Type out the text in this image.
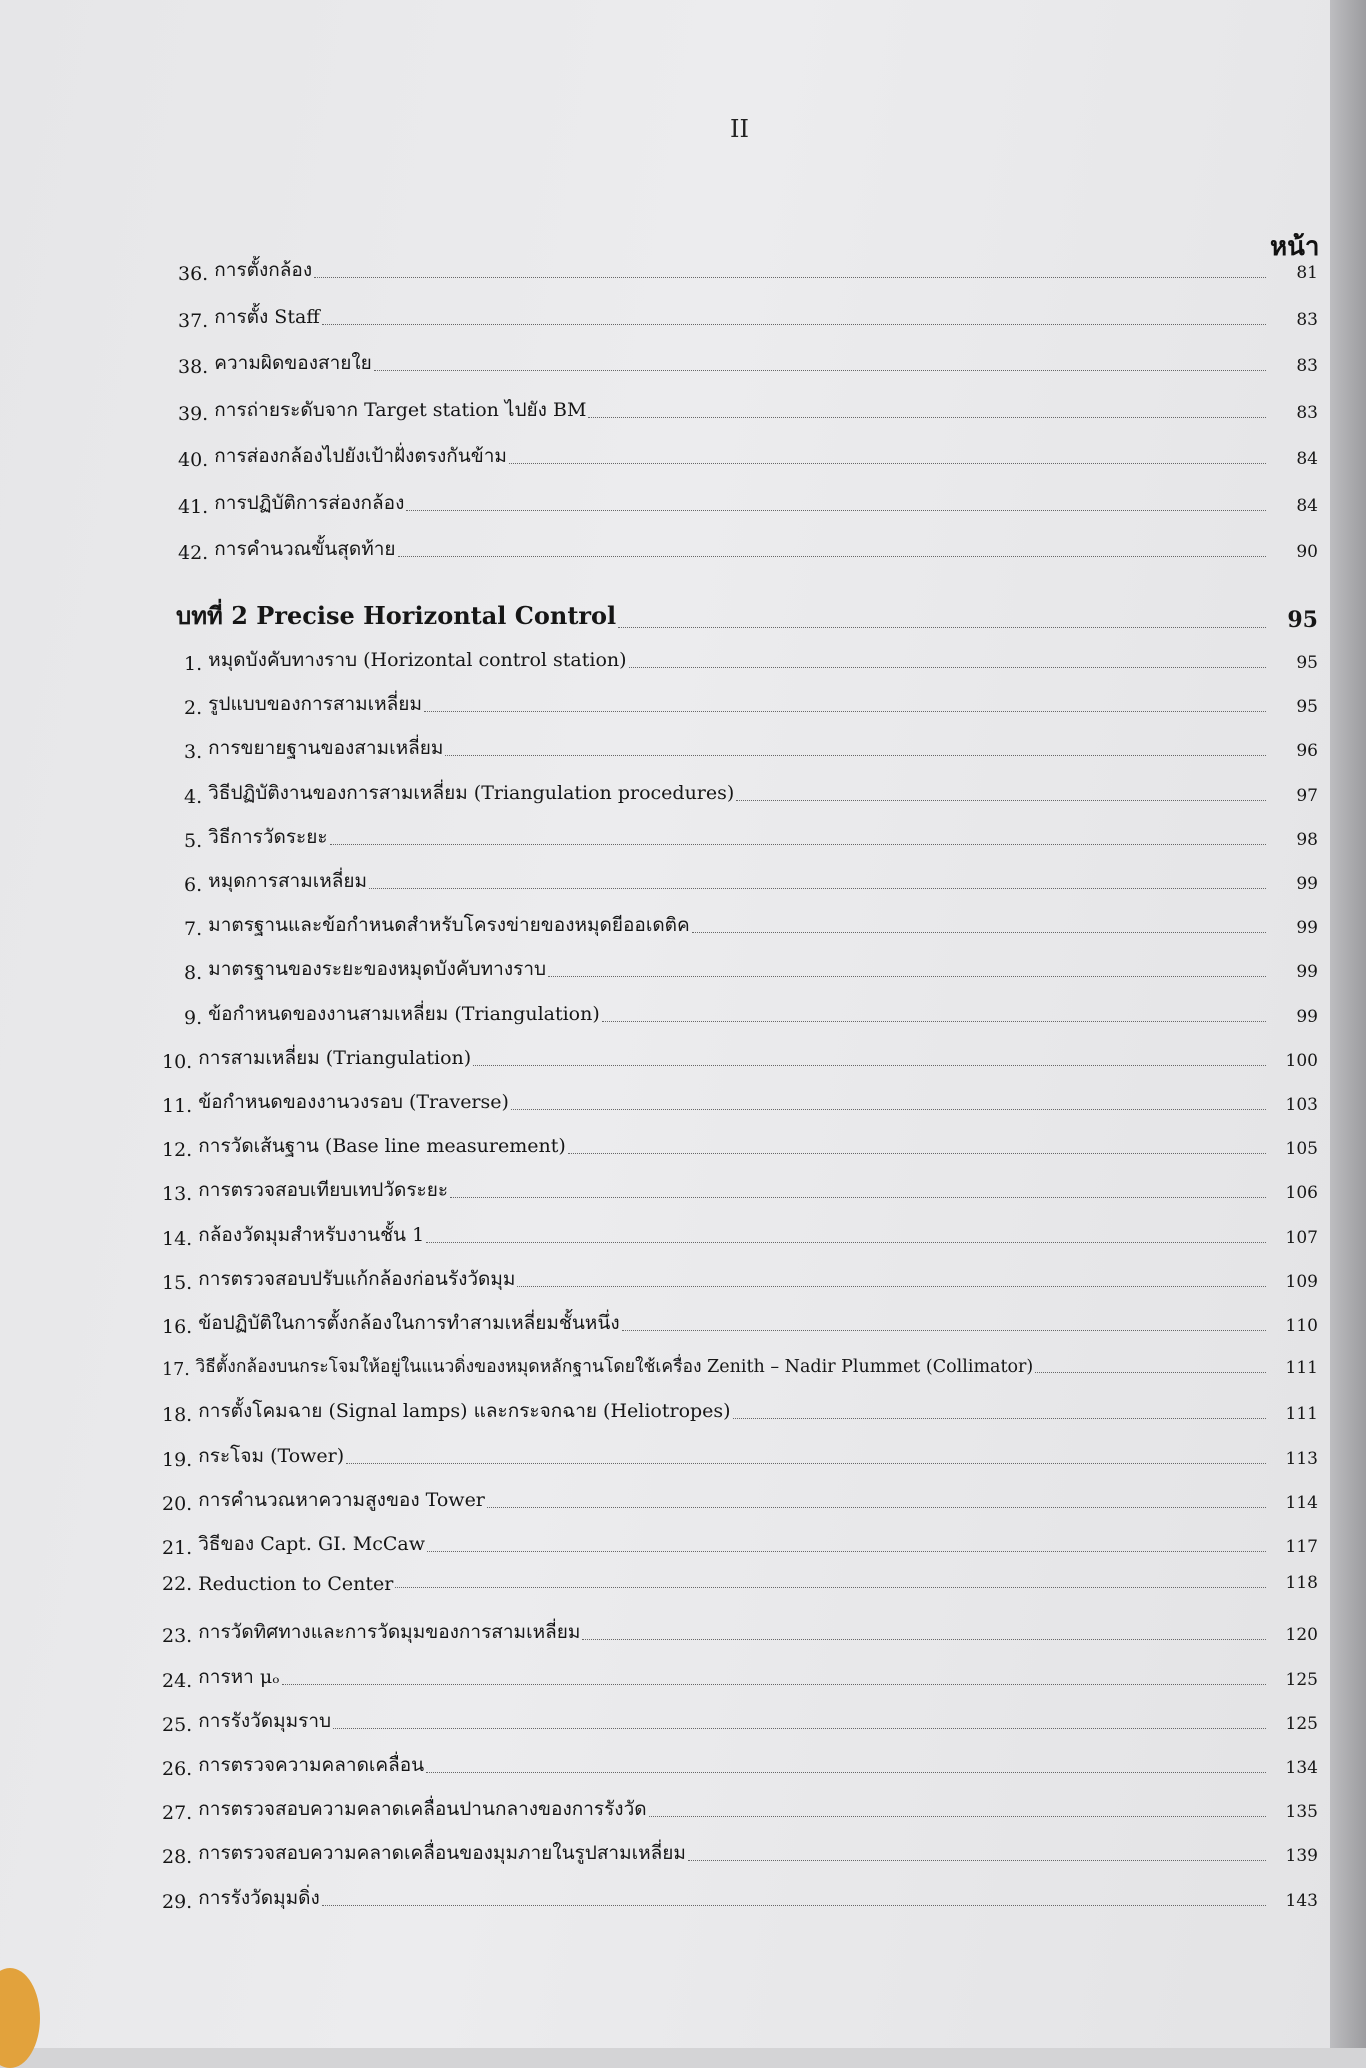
II
หน้า
36. การตั้งกล้อง	81
37. การตั้ง Staff	83
38. ความผิดของสายใย	83
39. การถ่ายระดับจาก Target station ไปยัง BM	83
40. การส่องกล้องไปยังเป้าฝั่งตรงกันข้าม	84
41. การปฏิบัติการส่องกล้อง	84
42. การคำนวณขั้นสุดท้าย	90
บทที่ 2 Precise Horizontal Control	95
1. หมุดบังคับทางราบ (Horizontal control station)	95
2. รูปแบบของการสามเหลี่ยม	95
3. การขยายฐานของสามเหลี่ยม	96
4. วิธีปฏิบัติงานของการสามเหลี่ยม (Triangulation procedures)	97
5. วิธีการวัดระยะ	98
6. หมุดการสามเหลี่ยม	99
7. มาตรฐานและข้อกำหนดสำหรับโครงข่ายของหมุดยีออเดติค	99
8. มาตรฐานของระยะของหมุดบังคับทางราบ	99
9. ข้อกำหนดของงานสามเหลี่ยม (Triangulation)	99
10. การสามเหลี่ยม (Triangulation)	100
11. ข้อกำหนดของงานวงรอบ (Traverse)	103
12. การวัดเส้นฐาน (Base line measurement)	105
13. การตรวจสอบเทียบเทปวัดระยะ	106
14. กล้องวัดมุมสำหรับงานชั้น 1	107
15. การตรวจสอบปรับแก้กล้องก่อนรังวัดมุม	109
16. ข้อปฏิบัติในการตั้งกล้องในการทำสามเหลี่ยมชั้นหนึ่ง	110
17. วิธีตั้งกล้องบนกระโจมให้อยู่ในแนวดิ่งของหมุดหลักฐานโดยใช้เครื่อง Zenith – Nadir Plummet (Collimator)	111
18. การตั้งโคมฉาย (Signal lamps) และกระจกฉาย (Heliotropes)	111
19. กระโจม (Tower)	113
20. การคำนวณหาความสูงของ Tower	114
21. วิธีของ Capt. GI. McCaw	117
22. Reduction to Center	118
23. การวัดทิศทางและการวัดมุมของการสามเหลี่ยม	120
24. การหา μₒ	125
25. การรังวัดมุมราบ	125
26. การตรวจความคลาดเคลื่อน	134
27. การตรวจสอบความคลาดเคลื่อนปานกลางของการรังวัด	135
28. การตรวจสอบความคลาดเคลื่อนของมุมภายในรูปสามเหลี่ยม	139
29. การรังวัดมุมดิ่ง	143
